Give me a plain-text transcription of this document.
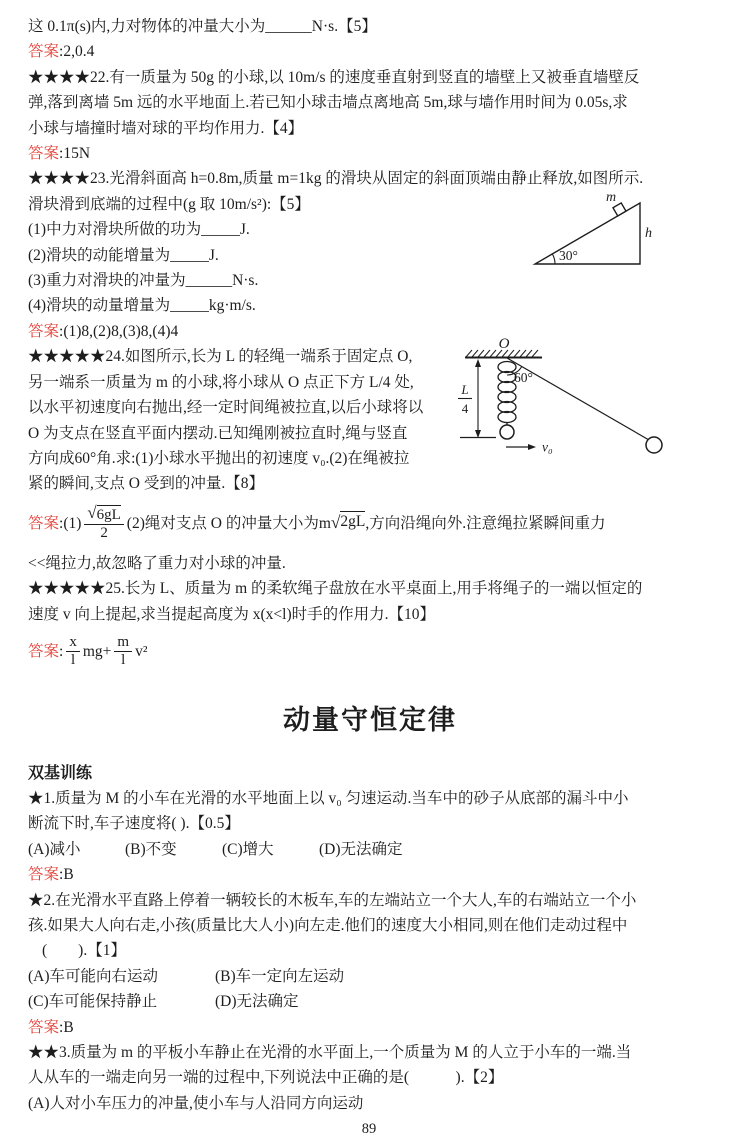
这 0.1π(s)内,力对物体的冲量大小为______N·s.【5】
答案:2,0.4
★★★★22.有一质量为 50g 的小球,以 10m/s 的速度垂直射到竖直的墙壁上又被垂直墙壁反
弹,落到离墙 5m 远的水平地面上.若已知小球击墙点离地高 5m,球与墙作用时间为 0.05s,求
小球与墙撞时墙对球的平均作用力.【4】
答案:15N
★★★★23.光滑斜面高 h=0.8m,质量 m=1kg 的滑块从固定的斜面顶端由静止释放,如图所示.
滑块滑到底端的过程中(g 取 10m/s²):【5】
(1)中力对滑块所做的功为_____J.
(2)滑块的动能增量为_____J.
(3)重力对滑块的冲量为______N·s.
(4)滑块的动量增量为_____kg·m/s.
答案:(1)8,(2)8,(3)8,(4)4
★★★★★24.如图所示,长为 L 的轻绳一端系于固定点 O,
另一端系一质量为 m 的小球,将小球从 O 点正下方 L/4 处,
以水平初速度向右抛出,经一定时间绳被拉直,以后小球将以
O 为支点在竖直平面内摆动.已知绳刚被拉直时,绳与竖直
方向成60°角.求:(1)小球水平抛出的初速度 v₀.(2)在绳被拉
紧的瞬间,支点 O 受到的冲量.【8】
答案 :(1) √ $\frac{6gL}{2} (2)$绳对支点 O 的冲量大小为m √ 2gL ,方向沿绳向外.注意绳拉紧瞬间重力
<<绳拉力,故忽略了重力对小球的冲量.
★★★★★25.长为 L、质量为 m 的柔软绳子盘放在水平桌面上,用手将绳子的一端以恒定的
速度 v 向上提起,求当提起高度为 x(x<l)时手的作用力.【10】
答案 : $\frac{x}{l} mg+ \frac{m}{l} v^2$
动量守恒定律
双基训练
★1.质量为 M 的小车在光滑的水平地面上以 v₀ 匀速运动.当车中的砂子从底部的漏斗中小
断流下时,车子速度将( ).【0.5】
(A)减小	(B)不变	(C)增大	(D)无法确定
答案:B
★2.在光滑水平直路上停着一辆较长的木板车,车的左端站立一个大人,车的右端站立一个小
孩.如果大人向右走,小孩(质量比大人小)向左走.他们的速度大小相同,则在他们走动过程中
(　　).【1】
(A)车可能向右运动	(B)车一定向左运动
(C)车可能保持静止	(D)无法确定
答案:B
★★3.质量为 m 的平板小车静止在光滑的水平面上,一个质量为 M 的人立于小车的一端.当
人从车的一端走向另一端的过程中,下列说法中正确的是(　　　).【2】
(A)人对小车压力的冲量,使小车与人沿同方向运动
m
h
30°
O
L
4
60°
v₀
89
